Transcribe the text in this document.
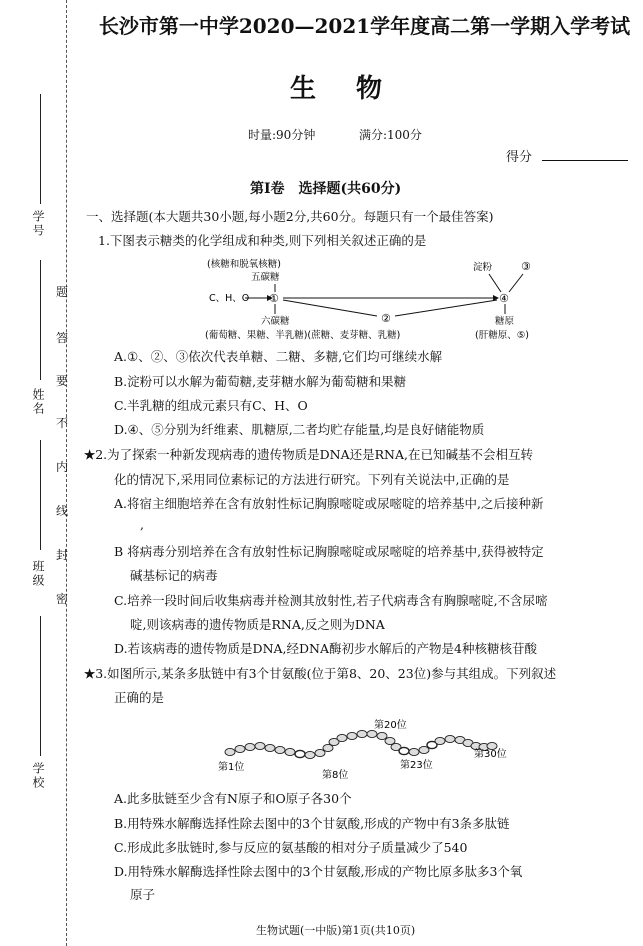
学号
姓名
班级
学校
题
答
要
不
内
线
封
密
长沙市第一中学2020—2021学年度高二第一学期入学考试
生物
时量:90分钟	满分:100分
得分
第Ⅰ卷　选择题(共60分)
一、选择题(本大题共30小题,每小题2分,共60分。每题只有一个最佳答案)
1.下图表示糖类的化学组成和种类,则下列相关叙述正确的是
(核糖和脱氧核糖)
五碳糖
C、H、O ①
②
六碳糖
④
淀粉	③
糖原
(葡萄糖、果糖、半乳糖)(蔗糖、麦芽糖、乳糖)	(肝糖原、⑤)
A.①、②、③依次代表单糖、二糖、多糖,它们均可继续水解
B.淀粉可以水解为葡萄糖,麦芽糖水解为葡萄糖和果糖
C.半乳糖的组成元素只有C、H、O
D.④、⑤分别为纤维素、肌糖原,二者均贮存能量,均是良好储能物质
★2.为了探索一种新发现病毒的遗传物质是DNA还是RNA,在已知碱基不会相互转
化的情况下,采用同位素标记的方法进行研究。下列有关说法中,正确的是
A.将宿主细胞培养在含有放射性标记胸腺嘧啶或尿嘧啶的培养基中,之后接种新
,
B 将病毒分别培养在含有放射性标记胸腺嘧啶或尿嘧啶的培养基中,获得被特定
碱基标记的病毒
C.培养一段时间后收集病毒并检测其放射性,若子代病毒含有胸腺嘧啶,不含尿嘧
啶,则该病毒的遗传物质是RNA,反之则为DNA
D.若该病毒的遗传物质是DNA,经DNA酶初步水解后的产物是4种核糖核苷酸
★3.如图所示,某条多肽链中有3个甘氨酸(位于第8、20、23位)参与其组成。下列叙述
正确的是
第1位
第8位
第20位
第23位
第30位
A.此多肽链至少含有N原子和O原子各30个
B.用特殊水解酶选择性除去图中的3个甘氨酸,形成的产物中有3条多肽链
C.形成此多肽链时,参与反应的氨基酸的相对分子质量减少了540
D.用特殊水解酶选择性除去图中的3个甘氨酸,形成的产物比原多肽多3个氧
原子
生物试题(一中版)第1页(共10页)
